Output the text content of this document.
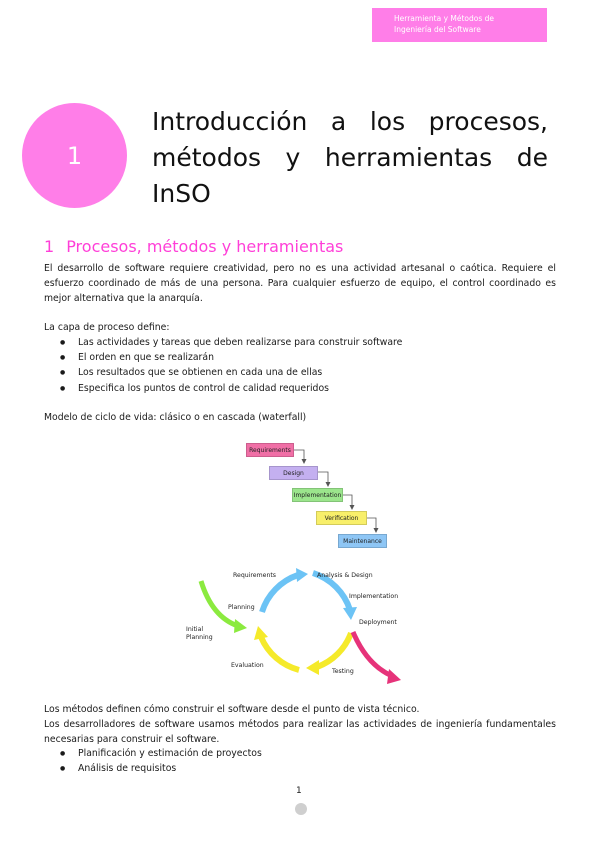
Herramienta y Métodos de Ingeniería del Software
1
Introducción a los procesos, métodos y herramientas de InSO
1 Procesos, métodos y herramientas
El desarrollo de software requiere creatividad, pero no es una actividad artesanal o caótica. Requiere el esfuerzo coordinado de más de una persona. Para cualquier esfuerzo de equipo, el control coordinado es mejor alternativa que la anarquía.
La capa de proceso define:
● Las actividades y tareas que deben realizarse para construir software
● El orden en que se realizarán
● Los resultados que se obtienen en cada una de ellas
● Especifica los puntos de control de calidad requeridos
Modelo de ciclo de vida: clásico o en cascada (waterfall)
Requirements
Design
Implementation
Verification
Maintenance
Requirements	Analysis & Design
Implementation
Deployment
Testing
Evaluation
Planning
Initial
Planning
Los métodos definen cómo construir el software desde el punto de vista técnico.
Los desarrolladores de software usamos métodos para realizar las actividades de ingeniería fundamentales necesarias para construir el software.
● Planificación y estimación de proyectos
● Análisis de requisitos
1
